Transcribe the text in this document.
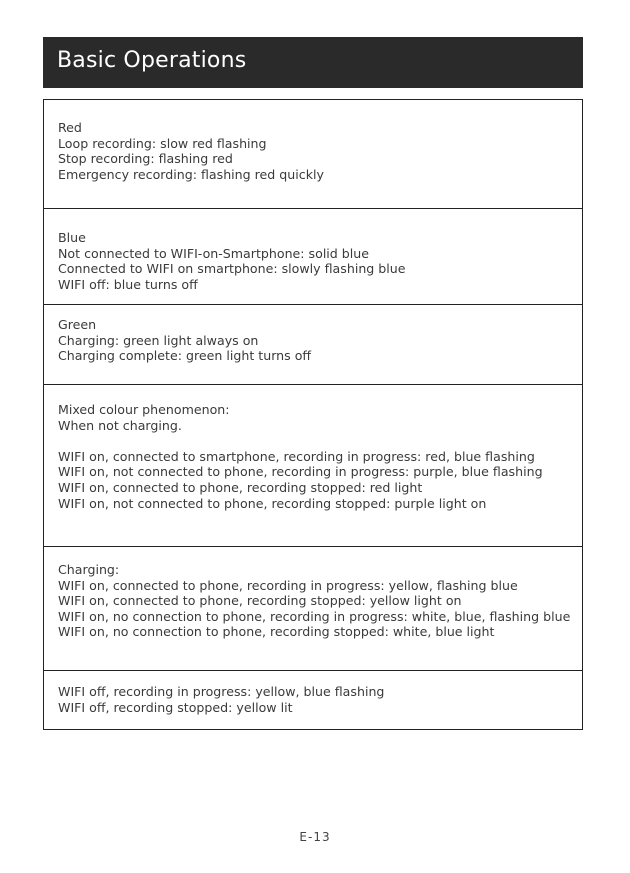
Basic Operations
Red
Loop recording: slow red flashing
Stop recording: flashing red
Emergency recording: flashing red quickly
Blue
Not connected to WIFI-on-Smartphone: solid blue
Connected to WIFI on smartphone: slowly flashing blue
WIFI off: blue turns off
Green
Charging: green light always on
Charging complete: green light turns off
Mixed colour phenomenon:
When not charging.
WIFI on, connected to smartphone, recording in progress: red, blue flashing
WIFI on, not connected to phone, recording in progress: purple, blue flashing
WIFI on, connected to phone, recording stopped: red light
WIFI on, not connected to phone, recording stopped: purple light on
Charging:
WIFI on, connected to phone, recording in progress: yellow, flashing blue
WIFI on, connected to phone, recording stopped: yellow light on
WIFI on, no connection to phone, recording in progress: white, blue, flashing blue
WIFI on, no connection to phone, recording stopped: white, blue light
WIFI off, recording in progress: yellow, blue flashing
WIFI off, recording stopped: yellow lit
E-13
